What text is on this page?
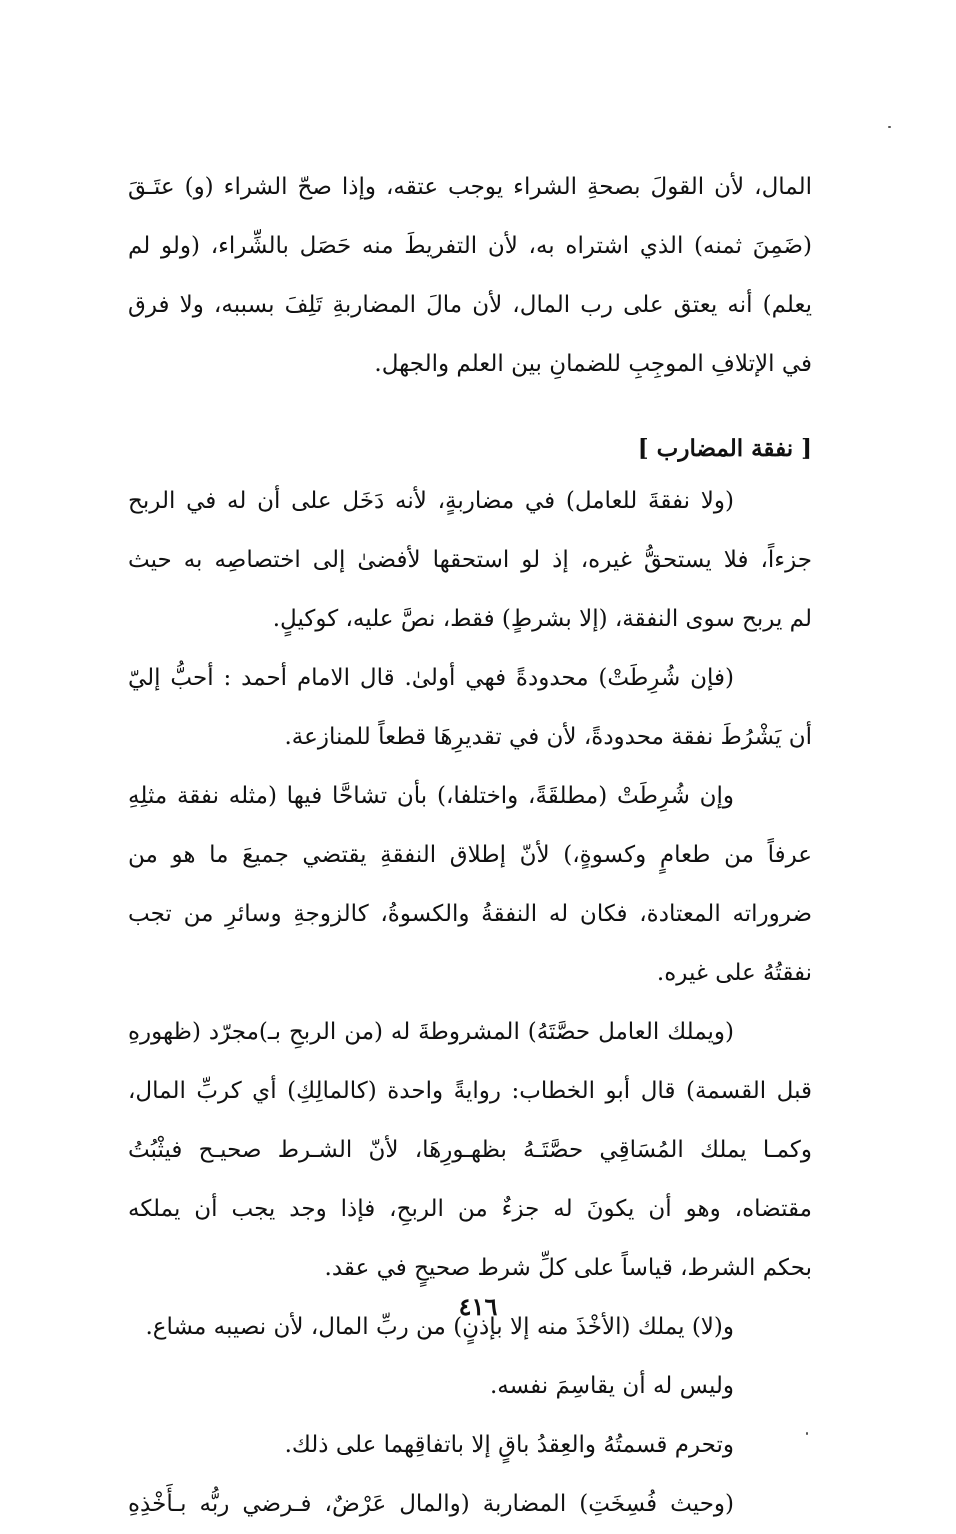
المال، لأن القولَ بصحةِ الشراء يوجب عتقه، وإذا صحّ الشراء (و) عتَـقَ
(ضَمِنَ ثمنه) الذي اشتراه به، لأن التفريطَ منه حَصَل بالشِّراء، (ولو لم
يعلم) أنه يعتق على رب المال، لأن مالَ المضاربةِ تَلِفَ بسببه، ولا فرق
في الإتلافِ الموجِبِ للضمانِ بين العلم والجهل.
[ نفقة المضارب ]
(ولا نفقةَ للعامل) في مضاربةٍ، لأنه دَخَل على أن له في الربح
جزءاً، فلا يستحقُّ غيره، إذ لو استحقها لأفضىٰ إلى اختصاصِه به حيث
لم يربح سوى النفقة، (إلا بشرطٍ) فقط، نصَّ عليه، كوكيلٍ.
(فإن شُرِطَتْ) محدودةً فهي أولىٰ. قال الامام أحمد : أحبُّ إليّ
أن يَشْرُطَ نفقة محدودةً، لأن في تقديرِهَا قطعاً للمنازعة.
وإن شُرِطَتْ (مطلقَةً، واختلفا،) بأن تشاحَّا فيها (مثله نفقة مثلِهِ
عرفاً من طعامٍ وكسوةٍ،) لأنّ إطلاق النفقةِ يقتضي جميعَ ما هو من
ضروراته المعتادة، فكان له النفقةُ والكسوةُ، كالزوجةِ وسائرِ من تجب
نفقتُهُ على غيره.
(ويملك العامل حصَّتَهُ) المشروطةَ له (من الربحِ بـ)مجرّد (ظهورهِ
قبل القسمة) قال أبو الخطاب: روايةً واحدة (كالمالِكِ) أي كربِّ المال،
وكمـا يملك المُسَاقِي حصَّتَـهُ بظهـورِهَا، لأنّ الشـرط صحيـح فيثْبُتُ
مقتضاه، وهو أن يكونَ له جزءٌ من الربحِ، فإذا وجد يجب أن يملكه
بحكم الشرط، قياساً على كلِّ شرط صحيحٍ في عقد.
و(لا) يملك (الأخْذَ منه إلا بإذنٍ) من ربِّ المال، لأن نصيبه مشاع.
وليس له أن يقاسِمَ نفسه.
وتحرم قسمتُهُ والعِقدُ باقٍ إلا باتفاقِهما على ذلك.
(وحيث فُسِخَتِ) المضاربة (والمال عَرْضٌ، فـرضي ربُّه بـأَخْذِهِ
٤١٦
